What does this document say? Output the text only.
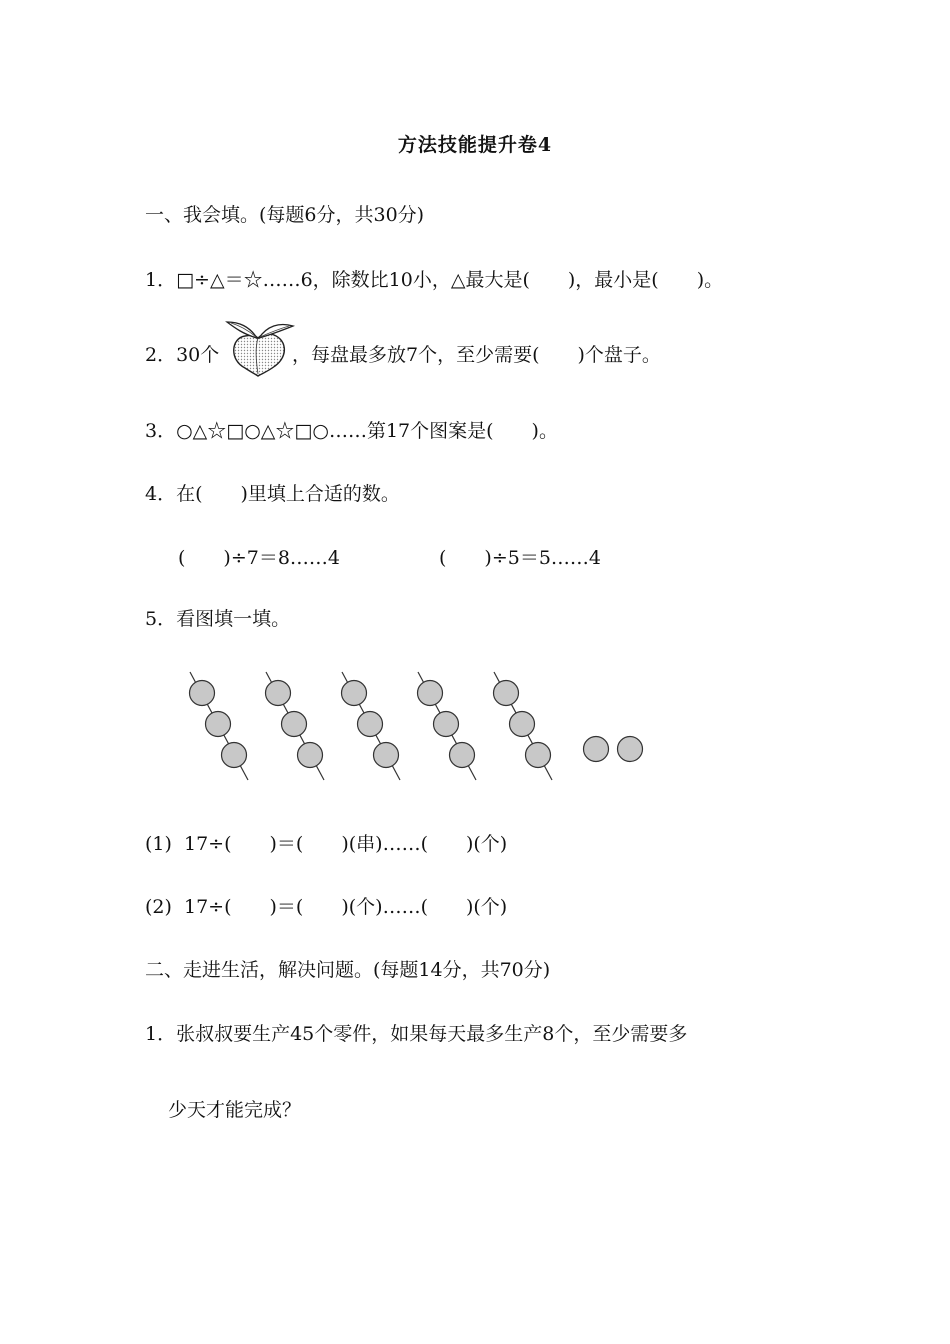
方法技能提升卷4
一、我会填。(每题6分，共30分)
1．□÷△＝☆……6，除数比10小，△最大是(　　)，最小是(　　)。
2．30个	，每盘最多放7个，至少需要(　　)个盘子。
3．○△☆□○△☆□○……第17个图案是(　　)。
4．在(　　)里填上合适的数。
(　　)÷7＝8……4	(　　)÷5＝5……4
5．看图填一填。
(1)  17÷(　　)＝(　　)(串)……(　　)(个)
(2)  17÷(　　)＝(　　)(个)……(　　)(个)
二、走进生活，解决问题。(每题14分，共70分)
1．张叔叔要生产45个零件，如果每天最多生产8个，至少需要多
少天才能完成？
